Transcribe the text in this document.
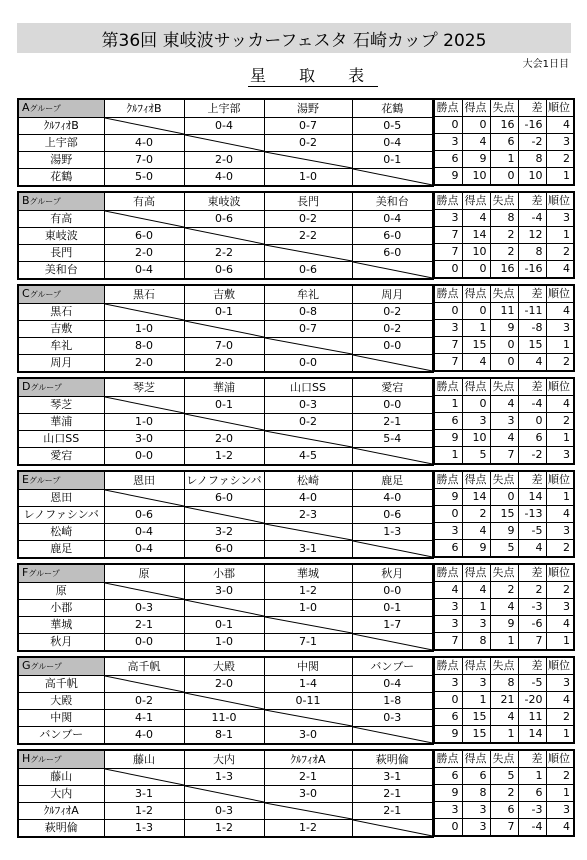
第36回 東岐波サッカーフェスタ 石崎カップ 2025
大会1日目
星 取 表
Aグループ	ｸﾙﾌｨｵB	上宇部	湯野	花鶴
ｸﾙﾌｨｵB		0-4	0-7	0-5
上宇部	4-0		0-2	0-4
湯野	7-0	2-0		0-1
花鶴	5-0	4-0	1-0	
勝点	得点	失点	差	順位
0	0	16	-16	4
3	4	6	-2	3
6	9	1	8	2
9	10	0	10	1
Bグループ	有高	東岐波	長門	美和台
有高		0-6	0-2	0-4
東岐波	6-0		2-2	6-0
長門	2-0	2-2		6-0
美和台	0-4	0-6	0-6	
勝点	得点	失点	差	順位
3	4	8	-4	3
7	14	2	12	1
7	10	2	8	2
0	0	16	-16	4
Cグループ	黒石	吉敷	牟礼	周月
黒石		0-1	0-8	0-2
吉敷	1-0		0-7	0-2
牟礼	8-0	7-0		0-0
周月	2-0	2-0	0-0	
勝点	得点	失点	差	順位
0	0	11	-11	4
3	1	9	-8	3
7	15	0	15	1
7	4	0	4	2
Dグループ	琴芝	華浦	山口SS	愛宕
琴芝		0-1	0-3	0-0
華浦	1-0		0-2	2-1
山口SS	3-0	2-0		5-4
愛宕	0-0	1-2	4-5	
勝点	得点	失点	差	順位
1	0	4	-4	4
6	3	3	0	2
9	10	4	6	1
1	5	7	-2	3
Eグループ	恩田	レノファシンバ	松崎	鹿足
恩田		6-0	4-0	4-0
レノファシンバ	0-6		2-3	0-6
松崎	0-4	3-2		1-3
鹿足	0-4	6-0	3-1	
勝点	得点	失点	差	順位
9	14	0	14	1
0	2	15	-13	4
3	4	9	-5	3
6	9	5	4	2
Fグループ	原	小郡	華城	秋月
原		3-0	1-2	0-0
小郡	0-3		1-0	0-1
華城	2-1	0-1		1-7
秋月	0-0	1-0	7-1	
勝点	得点	失点	差	順位
4	4	2	2	2
3	1	4	-3	3
3	3	9	-6	4
7	8	1	7	1
Gグループ	高千帆	大殿	中関	バンブー
高千帆		2-0	1-4	0-4
大殿	0-2		0-11	1-8
中関	4-1	11-0		0-3
バンブー	4-0	8-1	3-0	
勝点	得点	失点	差	順位
3	3	8	-5	3
0	1	21	-20	4
6	15	4	11	2
9	15	1	14	1
Hグループ	藤山	大内	ｸﾙﾌｨｵA	萩明倫
藤山		1-3	2-1	3-1
大内	3-1		3-0	2-1
ｸﾙﾌｨｵA	1-2	0-3		2-1
萩明倫	1-3	1-2	1-2	
勝点	得点	失点	差	順位
6	6	5	1	2
9	8	2	6	1
3	3	6	-3	3
0	3	7	-4	4
